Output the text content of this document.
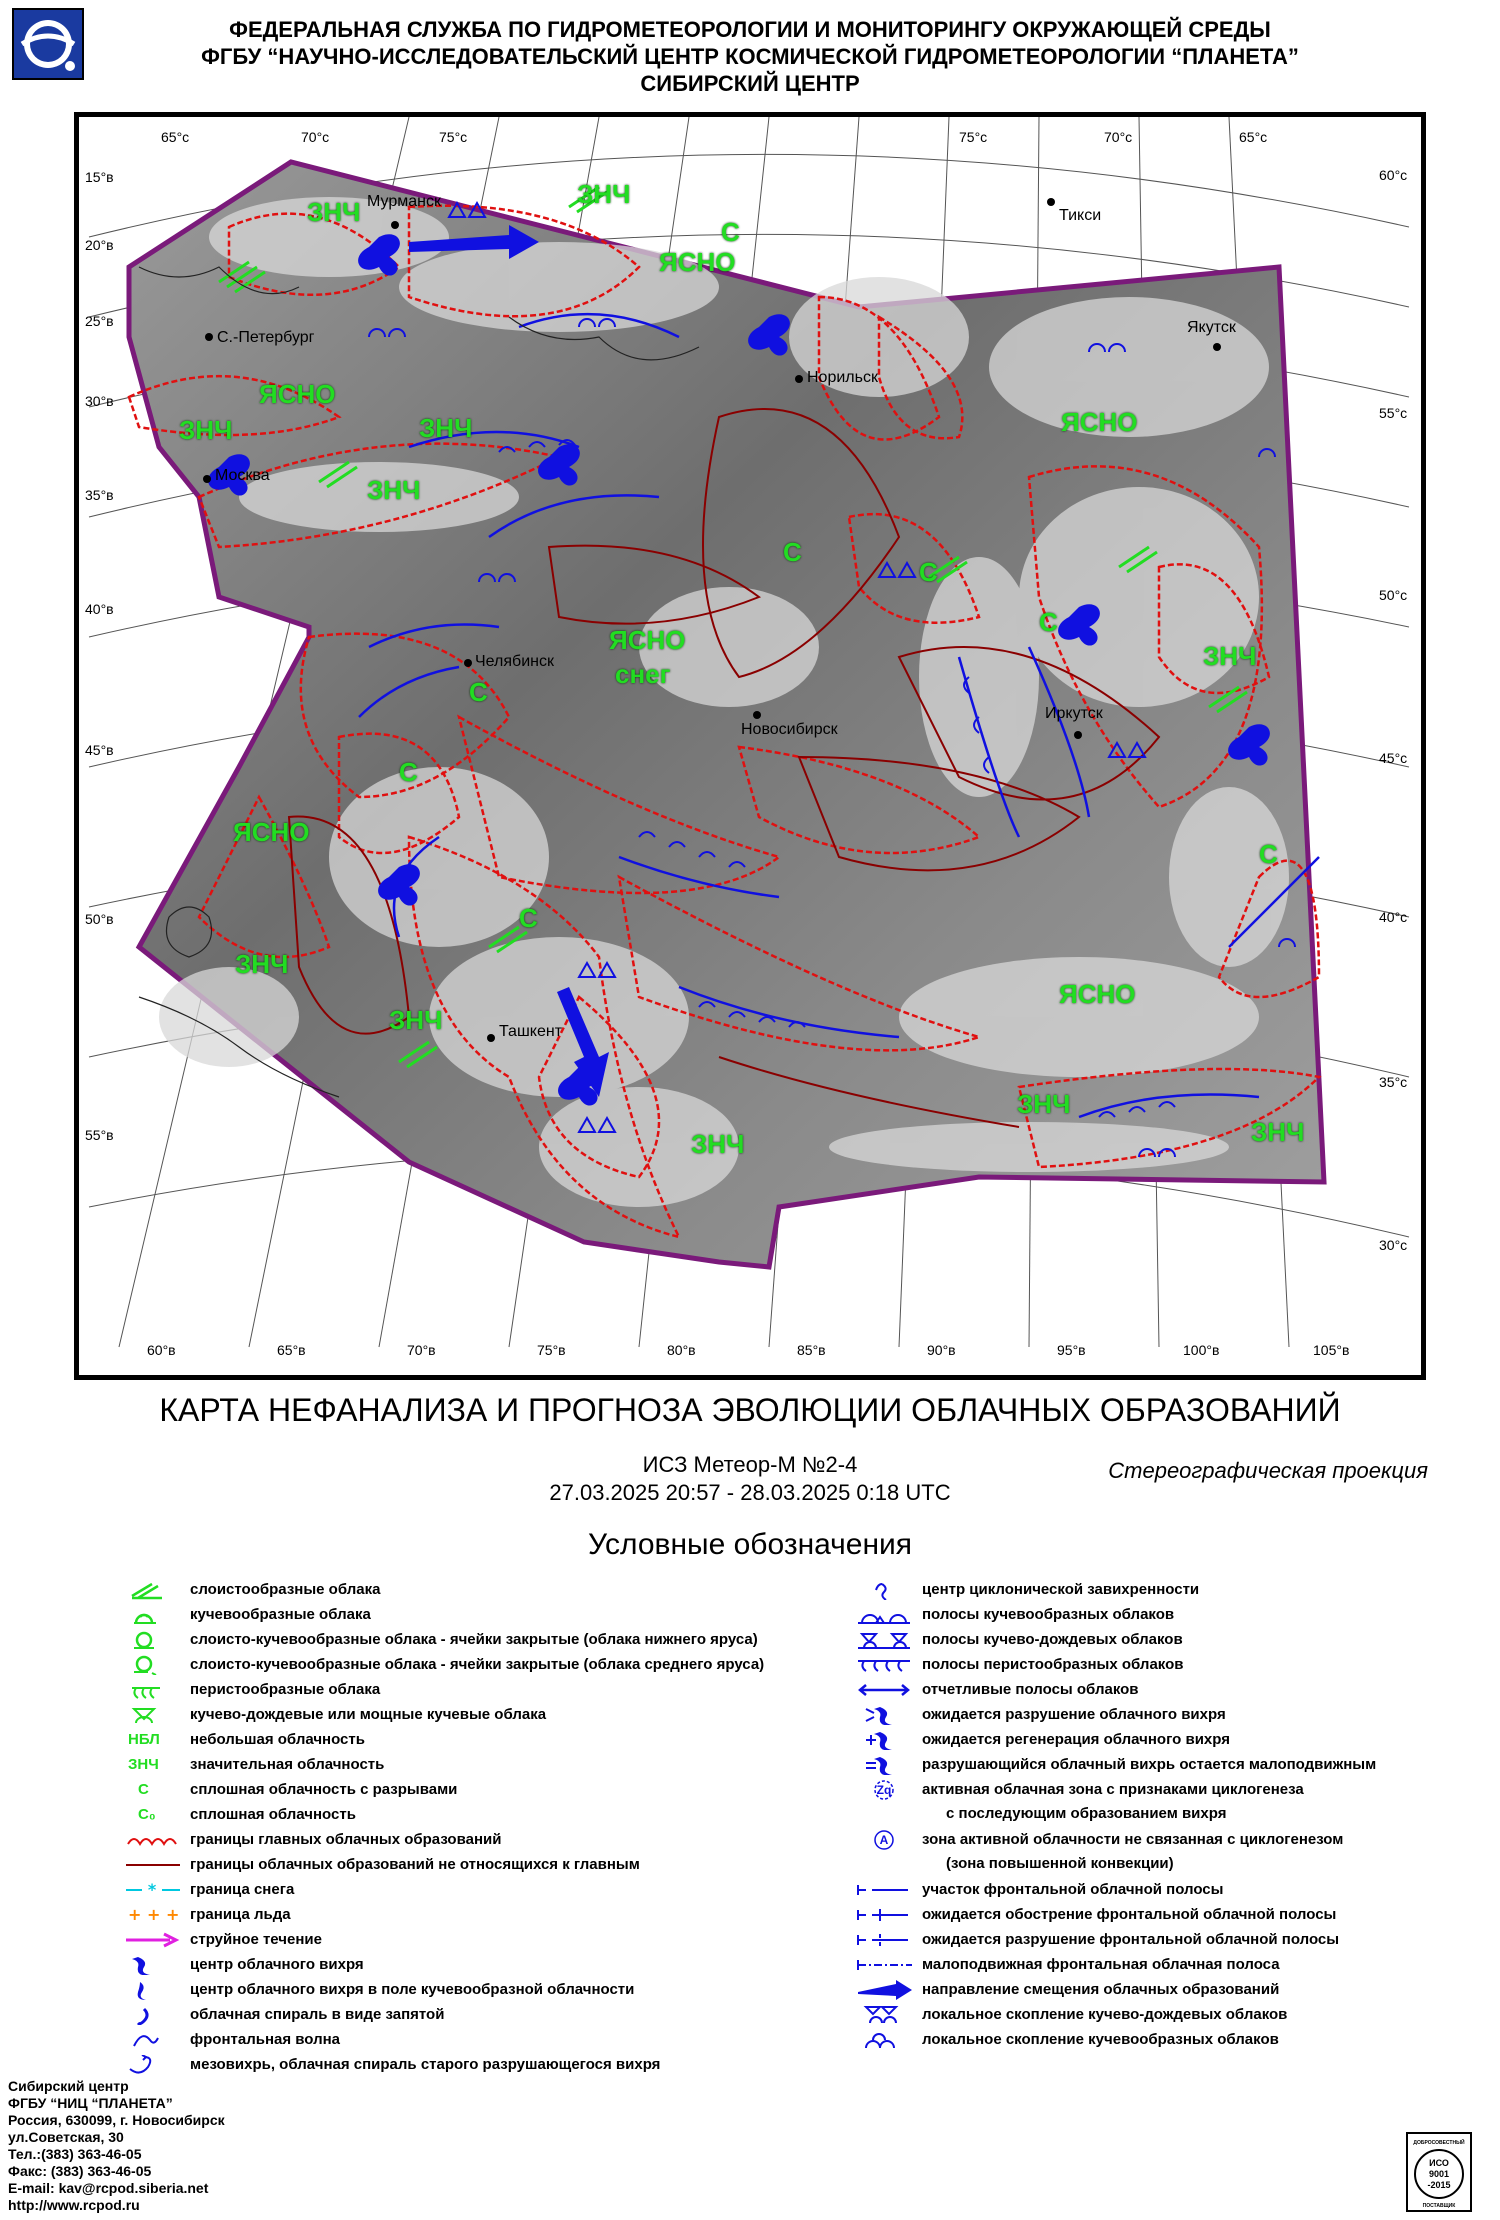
ФЕДЕРАЛЬНАЯ СЛУЖБА ПО ГИДРОМЕТЕОРОЛОГИИ И МОНИТОРИНГУ ОКРУЖАЮЩЕЙ СРЕДЫ
ФГБУ “НАУЧНО-ИССЛЕДОВАТЕЛЬСКИЙ ЦЕНТР КОСМИЧЕСКОЙ ГИДРОМЕТЕОРОЛОГИИ “ПЛАНЕТА”
СИБИРСКИЙ ЦЕНТР
65°с	70°с	75°с	75°с	70°с	65°с
60°с
55°с
50°с
45°с
40°с
35°с
30°с
15°в
20°в
25°в
30°в
35°в
40°в
45°в
50°в
55°в
60°в	65°в	70°в	75°в	80°в	85°в	90°в	95°в	100°в	105°в
Мурманск
Тикси
С.-Петербург
Якутск
Норильск
Москва
Челябинск
Новосибирск
Иркутск
Ташкент
ЗНЧ
ЗНЧ
С
ЯСНО
ЯСНО
ЗНЧ
ЗНЧ	ЯСНО
ЗНЧ
С
ЯСНО
снег
С
С
ЗНЧ
С
ЯСНО
С
ЗНЧ
С
ЗНЧ
ЯСНО
ЗНЧ
ЗНЧ
С
ЗНЧ
КАРТА НЕФАНАЛИЗА И ПРОГНОЗА ЭВОЛЮЦИИ ОБЛАЧНЫХ ОБРАЗОВАНИЙ
ИСЗ Метеор-М №2-4
27.03.2025 20:57 - 28.03.2025 0:18 UTC
Стереографическая проекция
Условные обозначения
слоистообразные облака
кучевообразные облака
слоисто-кучевообразные облака - ячейки закрытые (облака нижнего яруса)
слоисто-кучевообразные облака - ячейки закрытые (облака среднего яруса)
перистообразные облака
кучево-дождевые или мощные кучевые облака
НБЛ	небольшая облачность
ЗНЧ	значительная облачность
С	сплошная облачность с разрывами
С₀	сплошная облачность
границы главных облачных образований
границы облачных образований не относящихся к главным
* граница снега
+ + + граница льда
струйное течение
центр облачного вихря
центр облачного вихря в поле кучевообразной облачности
облачная спираль в виде запятой
фронтальная волна
мезовихрь, облачная спираль старого разрушающегося вихря
центр циклонической завихренности
полосы кучевообразных облаков
полосы кучево-дождевых облаков
полосы перистообразных облаков
отчетливые полосы облаков
ожидается разрушение облачного вихря
ожидается регенерация облачного вихря
разрушающийся облачный вихрь остается малоподвижным
Zq	активная облачная зона с признаками циклогенеза
с последующим образованием вихря
A	зона активной облачности не связанная с циклогенезом
(зона повышенной конвекции)
участок фронтальной облачной полосы
ожидается обострение фронтальной облачной полосы
ожидается разрушение фронтальной облачной полосы
малоподвижная фронтальная облачная полоса
направление смещения облачных образований
локальное скопление кучево-дождевых облаков
локальное скопление кучевообразных облаков
Сибирский центр
ФГБУ “НИЦ “ПЛАНЕТА”
Россия, 630099, г. Новосибирск
ул.Советская, 30
Тел.:(383) 363-46-05
Факс: (383) 363-46-05
E-mail: kav@rcpod.siberia.net
http://www.rcpod.ru
ДОБРОСОВЕСТНЫЙ
ИСО
9001
-2015
ПОСТАВЩИК
